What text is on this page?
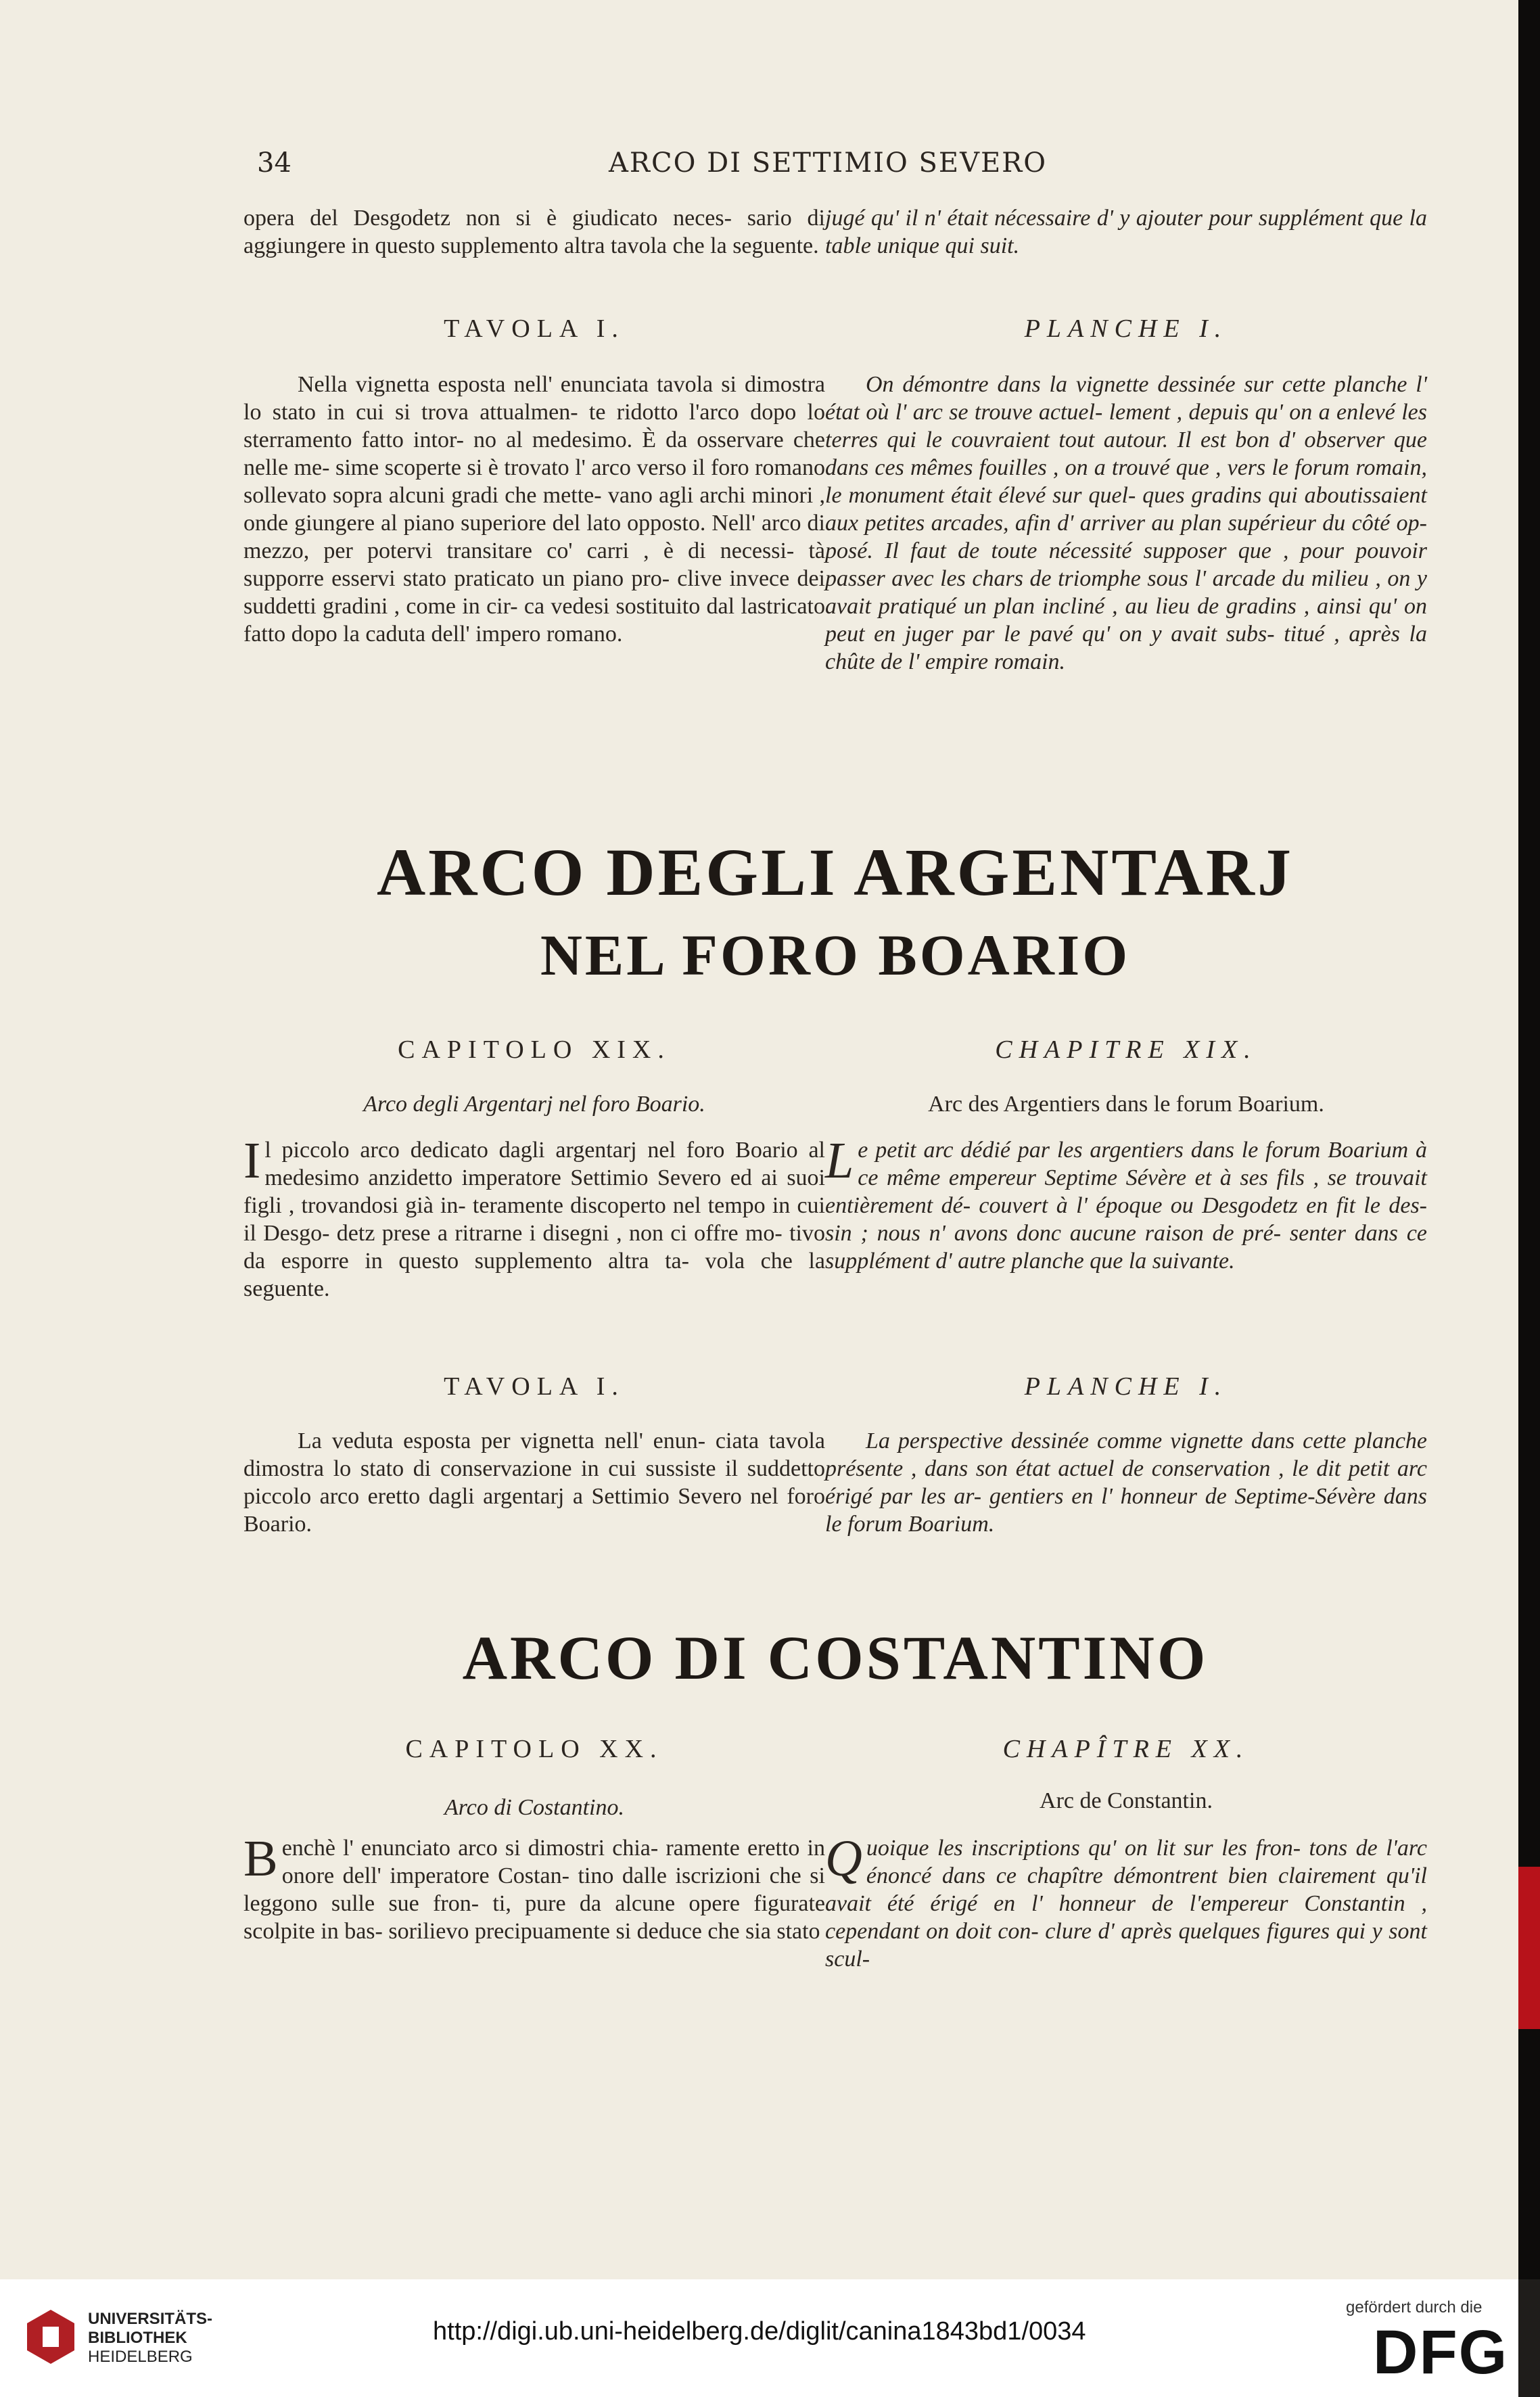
34	ARCO DI SETTIMIO SEVERO
opera del Desgodetz non si è giudicato neces- sario di aggiungere in questo supplemento altra tavola che la seguente.
jugé qu' il n' était nécessaire d' y ajouter pour supplément que la table unique qui suit.
TAVOLA I.	PLANCHE I.
Nella vignetta esposta nell' enunciata tavola si dimostra lo stato in cui si trova attualmen- te ridotto l'arco dopo lo sterramento fatto intor- no al medesimo. È da osservare che nelle me- sime scoperte si è trovato l' arco verso il foro romano sollevato sopra alcuni gradi che mette- vano agli archi minori , onde giungere al piano superiore del lato opposto. Nell' arco di mezzo, per potervi transitare co' carri , è di necessi- tà supporre esservi stato praticato un piano pro- clive invece dei suddetti gradini , come in cir- ca vedesi sostituito dal lastricato fatto dopo la caduta dell' impero romano.
On démontre dans la vignette dessinée sur cette planche l' état où l' arc se trouve actuel- lement , depuis qu' on a enlevé les terres qui le couvraient tout autour. Il est bon d' observer que dans ces mêmes fouilles , on a trouvé que , vers le forum romain, le monument était élevé sur quel- ques gradins qui aboutissaient aux petites arcades, afin d' arriver au plan supérieur du côté op- posé. Il faut de toute nécessité supposer que , pour pouvoir passer avec les chars de triomphe sous l' arcade du milieu , on y avait pratiqué un plan incliné , au lieu de gradins , ainsi qu' on peut en juger par le pavé qu' on y avait subs- titué , après la chûte de l' empire romain.
ARCO DEGLI ARGENTARJ
NEL FORO BOARIO
CAPITOLO XIX.	CHAPITRE XIX.
Arco degli Argentarj nel foro Boario.	Arc des Argentiers dans le forum Boarium.
Il piccolo arco dedicato dagli argentarj nel foro Boario al medesimo anzidetto imperatore Settimio Severo ed ai suoi figli , trovandosi già in- teramente discoperto nel tempo in cui il Desgo- detz prese a ritrarne i disegni , non ci offre mo- tivo da esporre in questo supplemento altra ta- vola che la seguente.
Le petit arc dédié par les argentiers dans le forum Boarium à ce même empereur Septime Sévère et à ses fils , se trouvait entièrement dé- couvert à l' époque ou Desgodetz en fit le des- sin ; nous n' avons donc aucune raison de pré- senter dans ce supplément d' autre planche que la suivante.
TAVOLA I.	PLANCHE I.
La veduta esposta per vignetta nell' enun- ciata tavola dimostra lo stato di conservazione in cui sussiste il suddetto piccolo arco eretto dagli argentarj a Settimio Severo nel foro Boario.
La perspective dessinée comme vignette dans cette planche présente , dans son état actuel de conservation , le dit petit arc érigé par les ar- gentiers en l' honneur de Septime-Sévère dans le forum Boarium.
ARCO DI COSTANTINO
CAPITOLO XX.	CHAPÎTRE XX.
Arco di Costantino.	Arc de Constantin.
Benchè l' enunciato arco si dimostri chia- ramente eretto in onore dell' imperatore Costan- tino dalle iscrizioni che si leggono sulle sue fron- ti, pure da alcune opere figurate scolpite in bas- sorilievo precipuamente si deduce che sia stato
Quoique les inscriptions qu' on lit sur les fron- tons de l'arc énoncé dans ce chapître démontrent bien clairement qu'il avait été érigé en l' honneur de l'empereur Constantin , cependant on doit con- clure d' après quelques figures qui y sont scul-
UNIVERSITÄTS-
BIBLIOTHEK
HEIDELBERG
http://digi.ub.uni-heidelberg.de/diglit/canina1843bd1/0034
gefördert durch die
DFG
